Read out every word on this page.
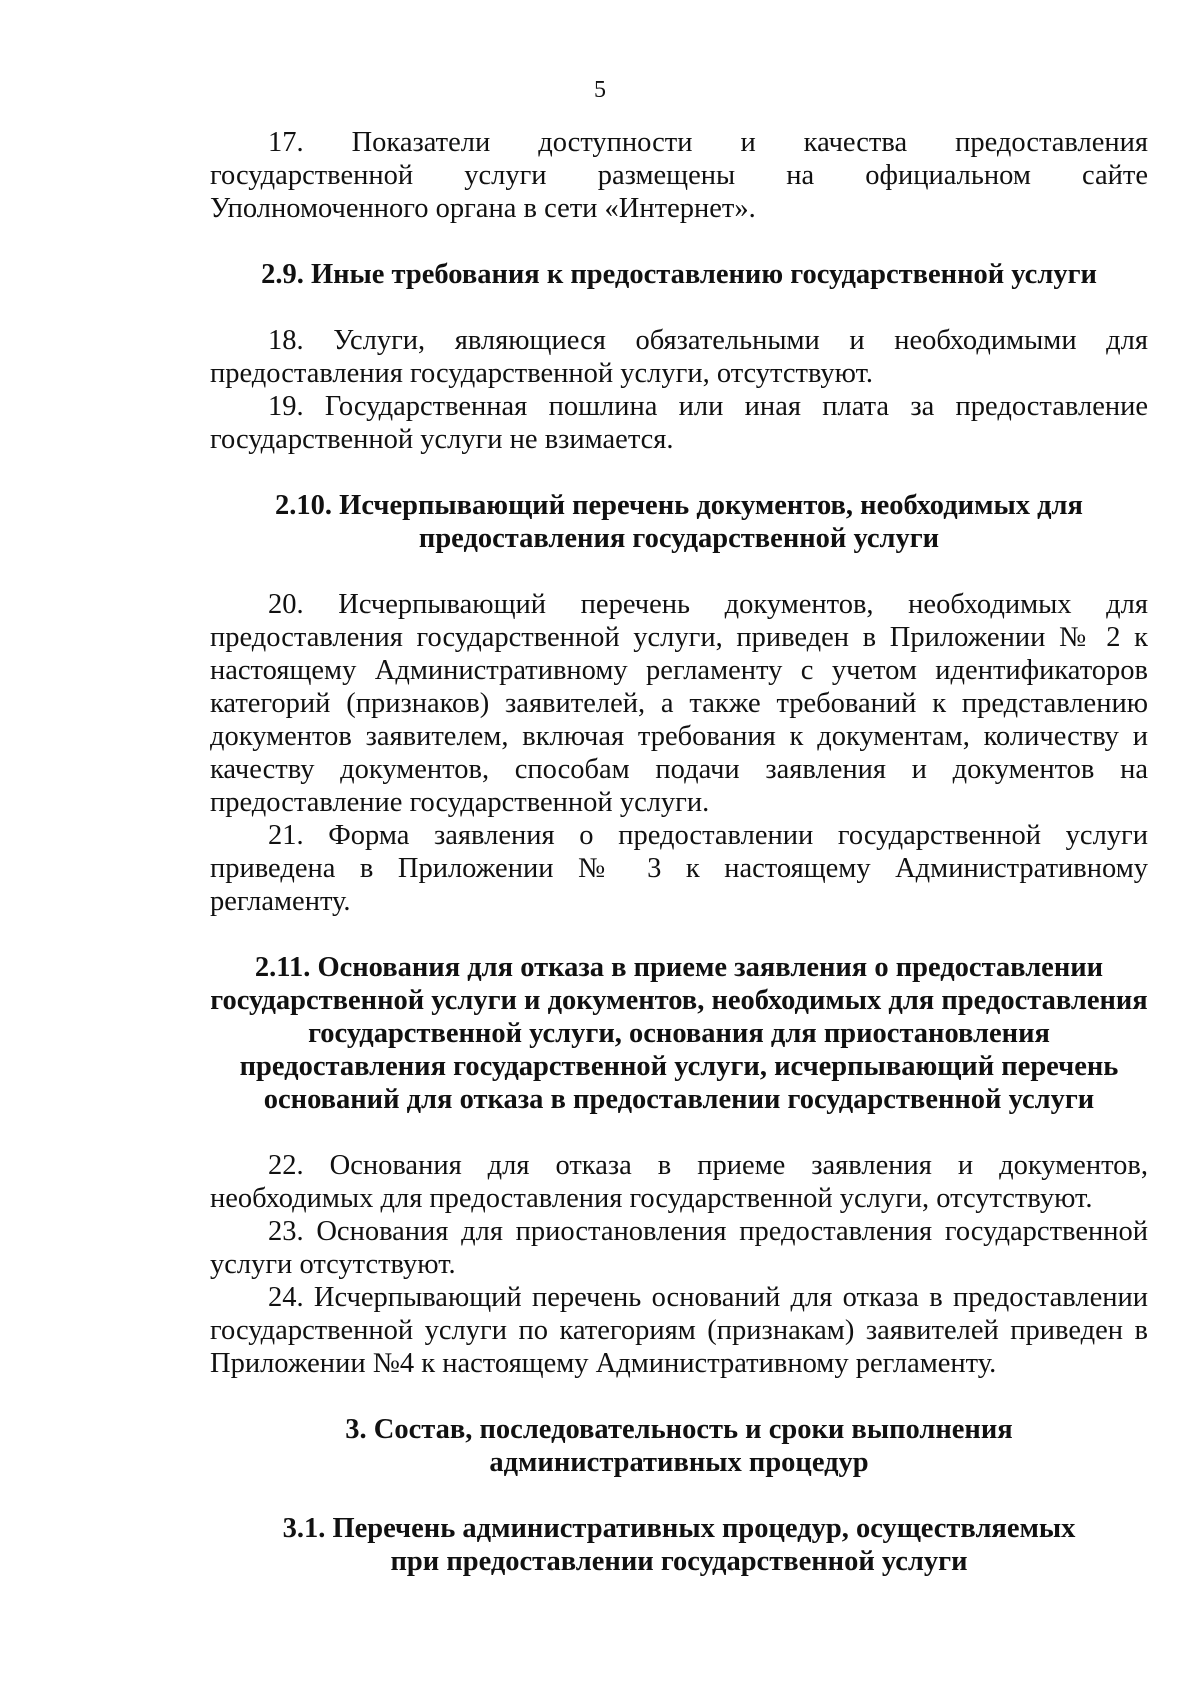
5

17. Показатели доступности и качества предоставления государственной услуги размещены на официальном сайте Уполномоченного органа в сети «Интернет».

2.9. Иные требования к предоставлению государственной услуги

18. Услуги, являющиеся обязательными и необходимыми для предоставления государственной услуги, отсутствуют.

19. Государственная пошлина или иная плата за предоставление государственной услуги не взимается.

2.10. Исчерпывающий перечень документов, необходимых для
предоставления государственной услуги

20. Исчерпывающий перечень документов, необходимых для предоставления государственной услуги, приведен в Приложении № 2 к настоящему Административному регламенту с учетом идентификаторов категорий (признаков) заявителей, а также требований к представлению документов заявителем, включая требования к документам, количеству и качеству документов, способам подачи заявления и документов на предоставление государственной услуги.

21. Форма заявления о предоставлении государственной услуги приведена в Приложении № 3 к настоящему Административному регламенту.

2.11. Основания для отказа в приеме заявления о предоставлении
государственной услуги и документов, необходимых для предоставления
государственной услуги, основания для приостановления
предоставления государственной услуги, исчерпывающий перечень
оснований для отказа в предоставлении государственной услуги

22. Основания для отказа в приеме заявления и документов, необходимых для предоставления государственной услуги, отсутствуют.

23. Основания для приостановления предоставления государственной услуги отсутствуют.

24. Исчерпывающий перечень оснований для отказа в предоставлении государственной услуги по категориям (признакам) заявителей приведен в Приложении №4 к настоящему Административному регламенту.

3. Состав, последовательность и сроки выполнения
административных процедур
3.1. Перечень административных процедур, осуществляемых
при предоставлении государственной услуги
